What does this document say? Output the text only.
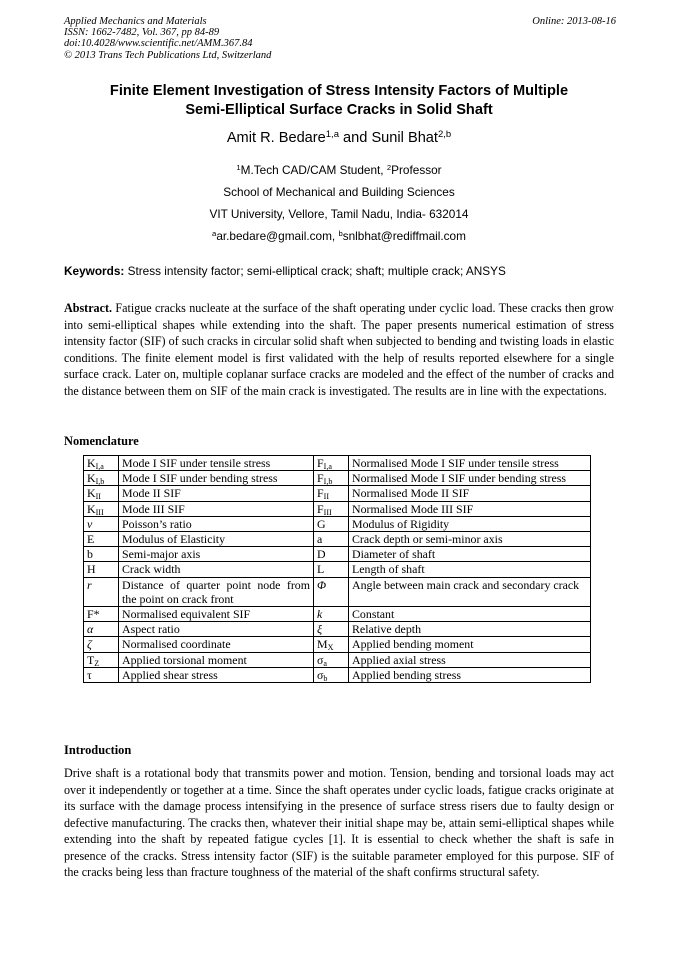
Applied Mechanics and Materials
ISSN: 1662-7482, Vol. 367, pp 84-89
doi:10.4028/www.scientific.net/AMM.367.84
© 2013 Trans Tech Publications Ltd, Switzerland
Online: 2013-08-16
Finite Element Investigation of Stress Intensity Factors of Multiple
Semi-Elliptical Surface Cracks in Solid Shaft
Amit R. Bedare$^{1,a}$ and Sunil Bhat$^{2,b}$
$^1$M.Tech CAD/CAM Student, $^2$Professor
School of Mechanical and Building Sciences
VIT University, Vellore, Tamil Nadu, India- 632014
$^a$ar.bedare@gmail.com, $^b$snlbhat@rediffmail.com
Keywords: Stress intensity factor; semi-elliptical crack; shaft; multiple crack; ANSYS
Abstract. Fatigue cracks nucleate at the surface of the shaft operating under cyclic load. These cracks then grow into semi-elliptical shapes while extending into the shaft. The paper presents numerical estimation of stress intensity factor (SIF) of such cracks in circular solid shaft when subjected to bending and twisting loads in elastic conditions. The finite element model is first validated with the help of results reported elsewhere for a single surface crack. Later on, multiple coplanar surface cracks are modeled and the effect of the number of cracks and the distance between them on SIF of the main crack is investigated. The results are in line with the expectations.
Nomenclature
$K_{I,a}$	Mode I SIF under tensile stress	$F_{I,a}$	Normalised Mode I SIF under tensile stress
$K_{I,b}$	Mode I SIF under bending stress	$F_{I,b}$	Normalised Mode I SIF under bending stress
$K_{II}$	Mode II SIF	$F_{II}$	Normalised Mode II SIF
$K_{III}$	Mode III SIF	$F_{III}$	Normalised Mode III SIF
v	Poisson’s ratio	G	Modulus of Rigidity
E	Modulus of Elasticity	a	Crack depth or semi-minor axis
b	Semi-major axis	D	Diameter of shaft
H	Crack width	L	Length of shaft
r	Distance of quarter point node from the point on crack front	Φ	Angle between main crack and secondary crack
F*	Normalised equivalent SIF	k	Constant
α	Aspect ratio	ξ	Relative depth
ζ	Normalised coordinate	$M_X$	Applied bending moment
$T_Z$	Applied torsional moment	$\sigma_a$	Applied axial stress
τ	Applied shear stress	$\sigma_b$	Applied bending stress
Introduction
Drive shaft is a rotational body that transmits power and motion. Tension, bending and torsional loads may act over it independently or together at a time. Since the shaft operates under cyclic loads, fatigue cracks originate at its surface with the damage process intensifying in the presence of surface stress risers due to faulty design or defective manufacturing. The cracks then, whatever their initial shape may be, attain semi-elliptical shapes while extending into the shaft by repeated fatigue cycles [1]. It is essential to check whether the shaft is safe in presence of the cracks. Stress intensity factor (SIF) is the suitable parameter employed for this purpose. SIF of the cracks being less than fracture toughness of the material of the shaft confirms structural safety.
